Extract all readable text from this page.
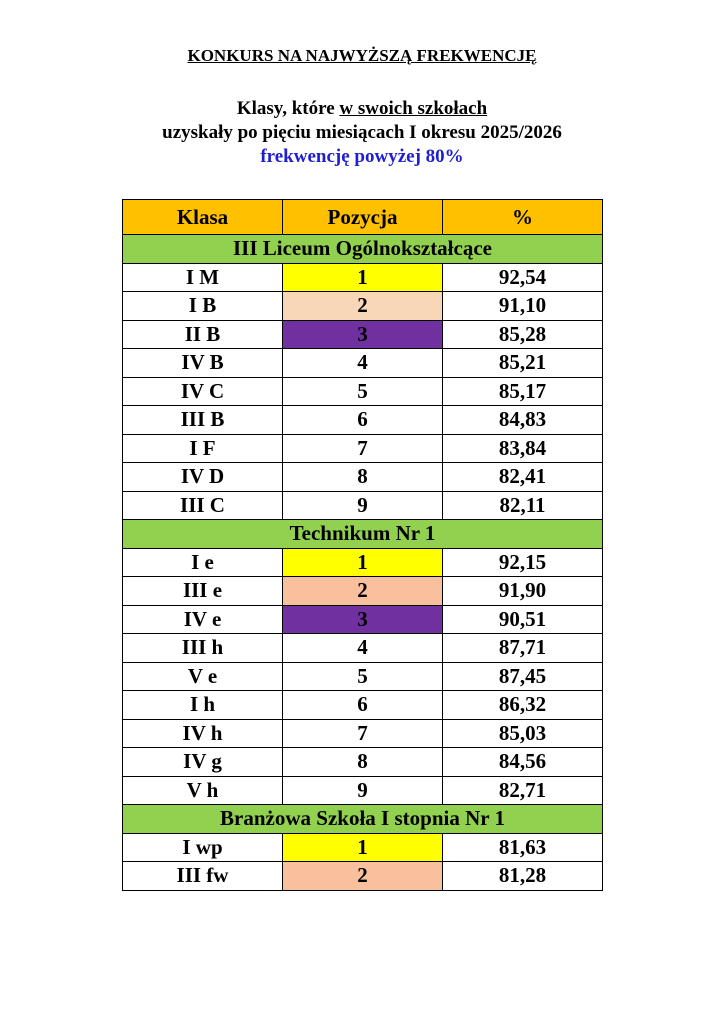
KONKURS NA NAJWYŻSZĄ FREKWENCJĘ
Klasy, które w swoich szkołach
uzyskały po pięciu miesiącach I okresu 2025/2026
frekwencję powyżej 80%
Klasa	Pozycja	%
III Liceum Ogólnokształcące		
I M	1	92,54
I B	2	91,10
II B	3	85,28
IV B	4	85,21
IV C	5	85,17
III B	6	84,83
I F	7	83,84
IV D	8	82,41
III C	9	82,11
Technikum Nr 1		
I e	1	92,15
III e	2	91,90
IV e	3	90,51
III h	4	87,71
V e	5	87,45
I h	6	86,32
IV h	7	85,03
IV g	8	84,56
V h	9	82,71
Branżowa Szkoła I stopnia Nr 1		
I wp	1	81,63
III fw	2	81,28
